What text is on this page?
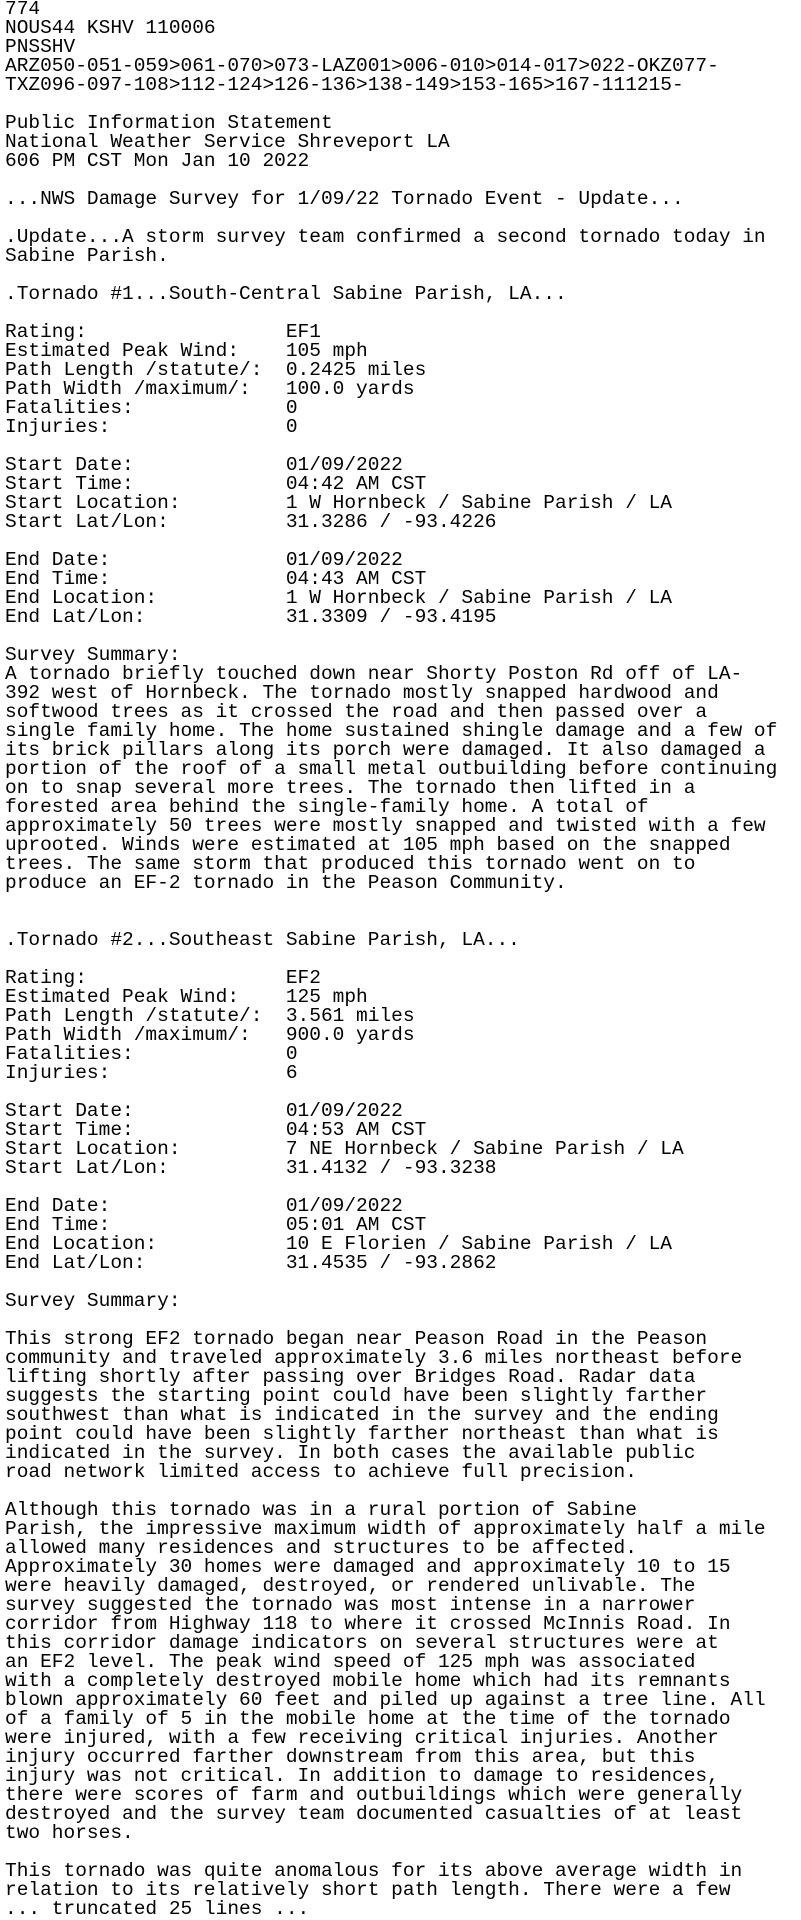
774
NOUS44 KSHV 110006
PNSSHV
ARZ050-051-059>061-070>073-LAZ001>006-010>014-017>022-OKZ077-
TXZ096-097-108>112-124>126-136>138-149>153-165>167-111215-

Public Information Statement
National Weather Service Shreveport LA
606 PM CST Mon Jan 10 2022

...NWS Damage Survey for 1/09/22 Tornado Event - Update...

.Update...A storm survey team confirmed a second tornado today in
Sabine Parish.

.Tornado #1...South-Central Sabine Parish, LA...

Rating:                 EF1
Estimated Peak Wind:    105 mph
Path Length /statute/:  0.2425 miles
Path Width /maximum/:   100.0 yards
Fatalities:             0
Injuries:               0

Start Date:             01/09/2022
Start Time:             04:42 AM CST
Start Location:         1 W Hornbeck / Sabine Parish / LA
Start Lat/Lon:          31.3286 / -93.4226

End Date:               01/09/2022
End Time:               04:43 AM CST
End Location:           1 W Hornbeck / Sabine Parish / LA
End Lat/Lon:            31.3309 / -93.4195

Survey Summary:
A tornado briefly touched down near Shorty Poston Rd off of LA-
392 west of Hornbeck. The tornado mostly snapped hardwood and
softwood trees as it crossed the road and then passed over a
single family home. The home sustained shingle damage and a few of
its brick pillars along its porch were damaged. It also damaged a
portion of the roof of a small metal outbuilding before continuing
on to snap several more trees. The tornado then lifted in a
forested area behind the single-family home. A total of
approximately 50 trees were mostly snapped and twisted with a few
uprooted. Winds were estimated at 105 mph based on the snapped
trees. The same storm that produced this tornado went on to
produce an EF-2 tornado in the Peason Community.

.Tornado #2...Southeast Sabine Parish, LA...

Rating:                 EF2
Estimated Peak Wind:    125 mph
Path Length /statute/:  3.561 miles
Path Width /maximum/:   900.0 yards
Fatalities:             0
Injuries:               6

Start Date:             01/09/2022
Start Time:             04:53 AM CST
Start Location:         7 NE Hornbeck / Sabine Parish / LA
Start Lat/Lon:          31.4132 / -93.3238

End Date:               01/09/2022
End Time:               05:01 AM CST
End Location:           10 E Florien / Sabine Parish / LA
End Lat/Lon:            31.4535 / -93.2862

Survey Summary:

This strong EF2 tornado began near Peason Road in the Peason
community and traveled approximately 3.6 miles northeast before
lifting shortly after passing over Bridges Road. Radar data
suggests the starting point could have been slightly farther
southwest than what is indicated in the survey and the ending
point could have been slightly farther northeast than what is
indicated in the survey. In both cases the available public
road network limited access to achieve full precision.

Although this tornado was in a rural portion of Sabine
Parish, the impressive maximum width of approximately half a mile
allowed many residences and structures to be affected.
Approximately 30 homes were damaged and approximately 10 to 15
were heavily damaged, destroyed, or rendered unlivable. The
survey suggested the tornado was most intense in a narrower
corridor from Highway 118 to where it crossed McInnis Road. In
this corridor damage indicators on several structures were at
an EF2 level. The peak wind speed of 125 mph was associated
with a completely destroyed mobile home which had its remnants
blown approximately 60 feet and piled up against a tree line. All
of a family of 5 in the mobile home at the time of the tornado
were injured, with a few receiving critical injuries. Another
injury occurred farther downstream from this area, but this
injury was not critical. In addition to damage to residences,
there were scores of farm and outbuildings which were generally
destroyed and the survey team documented casualties of at least
two horses.

This tornado was quite anomalous for its above average width in
relation to its relatively short path length. There were a few
... truncated 25 lines ...
